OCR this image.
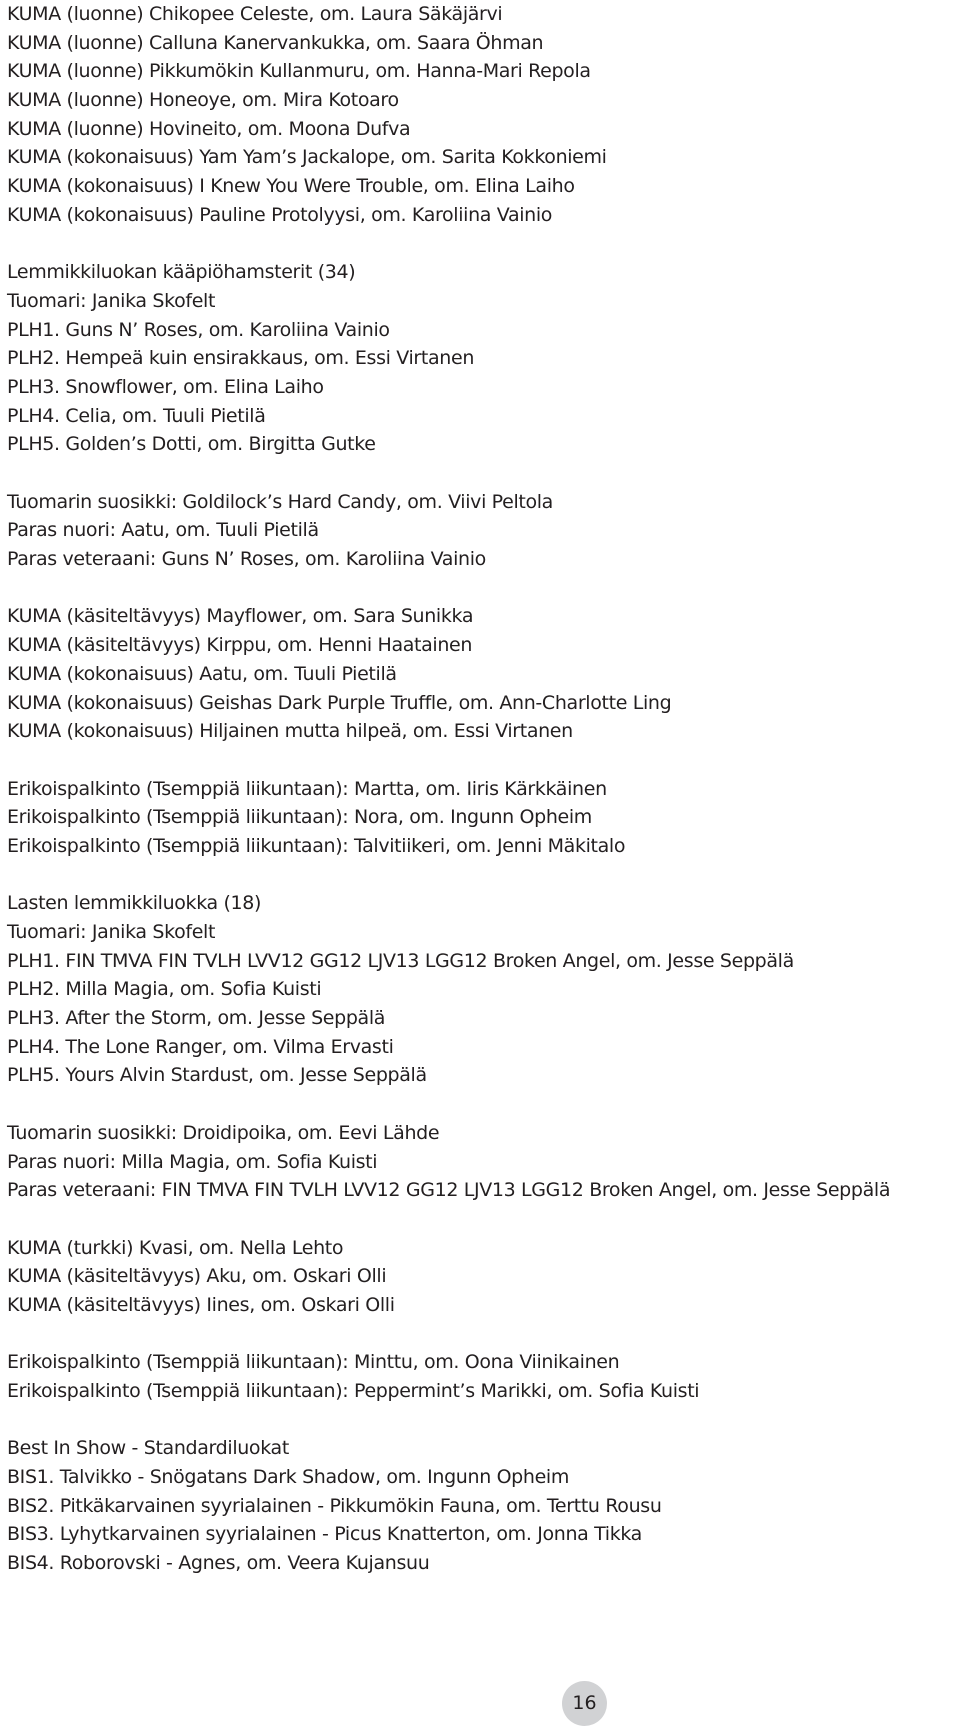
KUMA (luonne) Chikopee Celeste, om. Laura Säkäjärvi
KUMA (luonne) Calluna Kanervankukka, om. Saara Öhman
KUMA (luonne) Pikkumökin Kullanmuru, om. Hanna-Mari Repola
KUMA (luonne) Honeoye, om. Mira Kotoaro
KUMA (luonne) Hovineito, om. Moona Dufva
KUMA (kokonaisuus) Yam Yam’s Jackalope, om. Sarita Kokkoniemi
KUMA (kokonaisuus) I Knew You Were Trouble, om. Elina Laiho
KUMA (kokonaisuus) Pauline Protolyysi, om. Karoliina Vainio
Lemmikkiluokan kääpiöhamsterit (34)
Tuomari: Janika Skofelt
PLH1. Guns N’ Roses, om. Karoliina Vainio
PLH2. Hempeä kuin ensirakkaus, om. Essi Virtanen
PLH3. Snowflower, om. Elina Laiho
PLH4. Celia, om. Tuuli Pietilä
PLH5. Golden’s Dotti, om. Birgitta Gutke
Tuomarin suosikki: Goldilock’s Hard Candy, om. Viivi Peltola
Paras nuori: Aatu, om. Tuuli Pietilä
Paras veteraani: Guns N’ Roses, om. Karoliina Vainio
KUMA (käsiteltävyys) Mayflower, om. Sara Sunikka
KUMA (käsiteltävyys) Kirppu, om. Henni Haatainen
KUMA (kokonaisuus) Aatu, om. Tuuli Pietilä
KUMA (kokonaisuus) Geishas Dark Purple Truffle, om. Ann-Charlotte Ling
KUMA (kokonaisuus) Hiljainen mutta hilpeä, om. Essi Virtanen
Erikoispalkinto (Tsemppiä liikuntaan): Martta, om. Iiris Kärkkäinen
Erikoispalkinto (Tsemppiä liikuntaan): Nora, om. Ingunn Opheim
Erikoispalkinto (Tsemppiä liikuntaan): Talvitiikeri, om. Jenni Mäkitalo
Lasten lemmikkiluokka (18)
Tuomari: Janika Skofelt
PLH1. FIN TMVA FIN TVLH LVV12 GG12 LJV13 LGG12 Broken Angel, om. Jesse Seppälä
PLH2. Milla Magia, om. Sofia Kuisti
PLH3. After the Storm, om. Jesse Seppälä
PLH4. The Lone Ranger, om. Vilma Ervasti
PLH5. Yours Alvin Stardust, om. Jesse Seppälä
Tuomarin suosikki: Droidipoika, om. Eevi Lähde
Paras nuori: Milla Magia, om. Sofia Kuisti
Paras veteraani: FIN TMVA FIN TVLH LVV12 GG12 LJV13 LGG12 Broken Angel, om. Jesse Seppälä
KUMA (turkki) Kvasi, om. Nella Lehto
KUMA (käsiteltävyys) Aku, om. Oskari Olli
KUMA (käsiteltävyys) Iines, om. Oskari Olli
Erikoispalkinto (Tsemppiä liikuntaan): Minttu, om. Oona Viinikainen
Erikoispalkinto (Tsemppiä liikuntaan): Peppermint’s Marikki, om. Sofia Kuisti
Best In Show - Standardiluokat
BIS1. Talvikko - Snögatans Dark Shadow, om. Ingunn Opheim
BIS2. Pitkäkarvainen syyrialainen - Pikkumökin Fauna, om. Terttu Rousu
BIS3. Lyhytkarvainen syyrialainen - Picus Knatterton, om. Jonna Tikka
BIS4. Roborovski - Agnes, om. Veera Kujansuu
16
